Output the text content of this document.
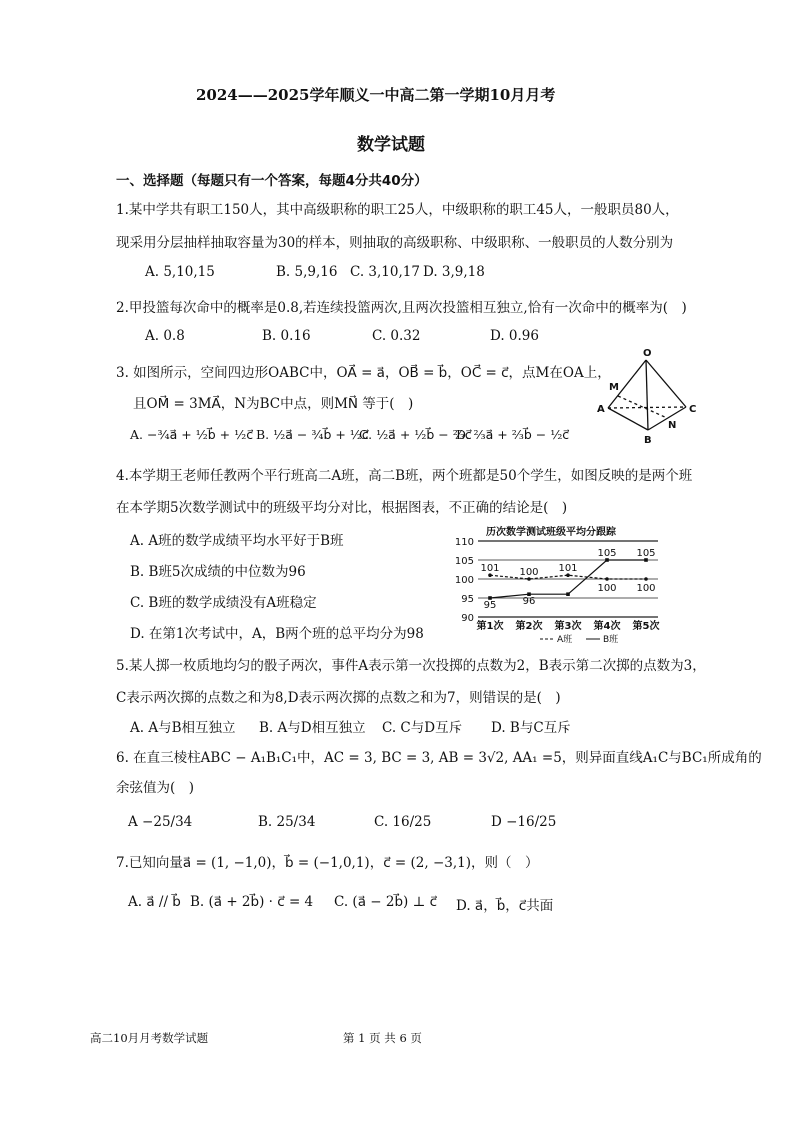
2024——2025学年顺义一中高二第一学期10月月考
数学试题
一、选择题（每题只有一个答案，每题4分共40分）
1.某中学共有职工150人，其中高级职称的职工25人，中级职称的职工45人，一般职员80人，
现采用分层抽样抽取容量为30的样本，则抽取的高级职称、中级职称、一般职员的人数分别为
A. 5,10,15	B. 5,9,16 C. 3,10,17 D. 3,9,18
2.甲投篮每次命中的概率是0.8,若连续投篮两次,且两次投篮相互独立,恰有一次命中的概率为(　)
A. 0.8	B. 0.16	C. 0.32	D. 0.96
3. 如图所示，空间四边形OABC中，OA⃗ = a⃗，OB⃗ = b⃗，OC⃗ = c⃗，点M在OA上，
且OM⃗ = 3MA⃗，N为BC中点，则MN⃗ 等于(　)
A. −¾a⃗ + ½b⃗ + ½c⃗ B. ½a⃗ − ¾b⃗ + ½c⃗
C. ½a⃗ + ½b⃗ − ⅔c⃗
D. ⅔a⃗ + ⅔b⃗ − ½c⃗
O
A
B
C
M
N
4.本学期王老师任教两个平行班高二A班，高二B班，两个班都是50个学生，如图反映的是两个班
在本学期5次数学测试中的班级平均分对比，根据图表，不正确的结论是(　)
A. A班的数学成绩平均水平好于B班
B. B班5次成绩的中位数为96
C. B班的数学成绩没有A班稳定
D. 在第1次考试中，A，B两个班的总平均分为98
历次数学测试班级平均分跟踪
90
95
100
105
110
第1次 第2次 第3次 第4次 第5次
101
95
100
96
101
105
100
105
100
A班	B班
5.某人掷一枚质地均匀的骰子两次，事件A表示第一次投掷的点数为2，B表示第二次掷的点数为3，
C表示两次掷的点数之和为8,D表示两次掷的点数之和为7，则错误的是(　)
A. A与B相互独立 B. A与D相互独立 C. C与D互斥 D. B与C互斥
6. 在直三棱柱ABC − A₁B₁C₁中，AC = 3, BC = 3, AB = 3√2, AA₁ =5，则异面直线A₁C与BC₁所成角的
余弦值为(　)
A −25/34	B. 25/34	C. 16/25	D −16/25
7.已知向量a⃗ = (1, −1,0)，b⃗ = (−1,0,1)，c⃗ = (2, −3,1)，则（　）
A. a⃗ // b⃗ B. (a⃗ + 2b⃗) · c⃗ = 4 C. (a⃗ − 2b⃗) ⊥ c⃗ D. a⃗，b⃗，c⃗共面
高二10月月考数学试题	第 1 页 共 6 页
